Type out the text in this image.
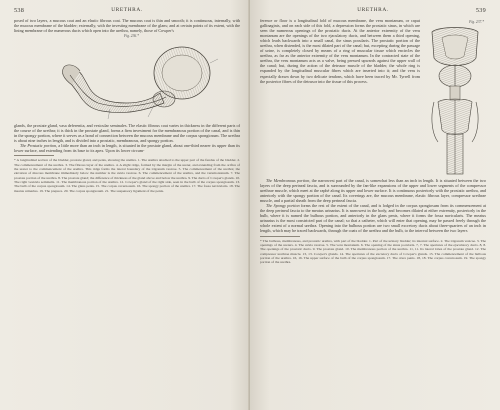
538	URETHRA.

posed of two layers, a mucous coat and an elastic fibrous coat. The mucous coat is thin and smooth; it is continuous, internally, with the mucous membrane of the bladder; externally, with the investing membrane of the glans; and at certain points of its extent, with the lining membrane of the numerous ducts which open into the urethra, namely, those of Cowper's

Fig. 236.*

glands, the prostate gland, vasa deferentia, and vesicular seminales. The elastic fibrous coat varies in thickness in the different parts of the course of the urethra; it is thick in the prostate gland, forms a firm investment for the membranous portion of the canal, and is thin in the spongy portion, where it serves as a bond of connection between the mucous membrane and the corpus spongiosum. The urethra is about nine inches in length, and is divided into a prostatic, membranous, and spongy portion.

The Prostatic portion, a little more than an inch in length, is situated in the prostate gland, about one-third nearer its upper than its lower surface, and extending from its base to its apex. Upon its lower circum-

* A longitudinal section of the bladder, prostate gland, and penis, showing the urethra. 1. The urethra attached to the upper part of the fundus of the bladder. 2. The commencement of the urethra. 3. The fibrous layer of the urethra. 4. A slight ridge, formed by the margin of the ureter, and extending from the orifice of the ureter to the commencement of the urethra. This ridge forms the lateral boundary of the trigonum vesicae. 5. The commencement of the urethra; the elevation of mucous membrane immediately below the number is the uvula vesicae. 6. The commencement of the urethra, and the verumontanum. 7. The prostate portion of the urethra. 8. The prostate gland; the difference of thickness of the gland above and below the urethra. 9. The ducts of Cowper's glands. 10. The right vesicula seminalis. 11. The membranous portion of the urethra. 12. Cowper's gland of the right side, seen in the bulb of the corpus spongiosum. 13. The bulb of the corpus spongiosum. 14. The glans penis. 15. The corpus cavernosum. 16. The spongy portion of the urethra. 17. The fossa navicularis. 18. The meatus urinarius. 19. The prepuce. 20. The corpus spongiosum. 21. The suspensory ligament of the penis.

URETHRA.	539
Fig. 237.*

ference or floor is a longitudinal fold of mucous membrane, the veru montanum, or caput gallinaginis, and on each side of this fold, a depression forms the prostatic sinus, in which are seen the numerous openings of the prostatic ducts. At the anterior extremity of the veru montanum are the openings of the two ejaculatory ducts, and between them a third opening, which leads backwards into a small canal, the sinus pocularis. The prostatic portion of the urethra, when distended, is the most dilated part of the canal; but, excepting during the passage of urine, is completely closed by means of a ring of muscular tissue which encircles the urethra, as far as the anterior extremity of the veru montanum. In the contracted state of the urethra, the veru montanum acts as a valve, being pressed upwards against the upper wall of the canal; but, during the action of the detrusor muscle of the bladder, the whole ring is expanded by the longitudinal muscular fibres which are inserted into it; and the veru is especially drawn down by two delicate tendons, which have been traced by Mr. Tyrrell from the posterior fibres of the detrusor into the tissue of this process.

The Membranous portion, the narrowest part of the canal, is somewhat less than an inch in length. It is situated between the two layers of the deep perineal fascia, and is surrounded by the fan-like expansions of the upper and lower segments of the compressor urethrae muscle, which meet at the raphé along its upper and lower surface. It is continuous posteriorly with the prostatic urethra, and anteriorly with the spongy portion of the canal. Its coverings are, the mucous membrane, elastic fibrous layer, compressor urethrae muscle, and a partial sheath from the deep perineal fascia.

The Spongy portion forms the rest of the extent of the canal, and is lodged in the corpus spongiosum from its commencement at the deep perineal fascia to the meatus urinarius. It is narrowest in the body, and becomes dilated at either extremity, posteriorly in the bulb, where it is named the bulbous portion, and anteriorly in the glans penis, where it forms the fossa navicularis. The meatus urinarius is the most constricted part of the canal; so that a catheter, which will enter that opening, may be passed freely through the whole extent of a normal urethra. Opening into the bulbous portion are two small excretory ducts about three-quarters of an inch in length, which may be traced backwards, through the coats of the urethra and the bulb, to the interval between the two layers

* The bulbous, membranous, and prostatic urethra, with part of the bladder. 1. Part of the urinary bladder; its internal surface. 2. The trigonum vesicae. 3. The openings of the ureters. 4. The uvula vesicae. 5. The veru montanum. 6. The opening of the sinus pocularis. 7, 7. The apertures of the ejaculatory ducts. 8, 8. The openings of the prostatic ducts. 9. The prostate gland. 10. The membranous portion of the urethra. 11, 11. Its lateral lobes of the prostate gland. 12. The compressor urethrae muscle. 13, 13. Cowper's glands. 14. The apertures of the excretory ducts of Cowper's glands. 15. The commencement of the bulbous portion of the urethra. 16, 16. The upper surface of the bulb of the corpus spongiosum. 17. The crura penis. 18, 18. The corpus cavernosum. 19. The spongy portion of the urethra.
